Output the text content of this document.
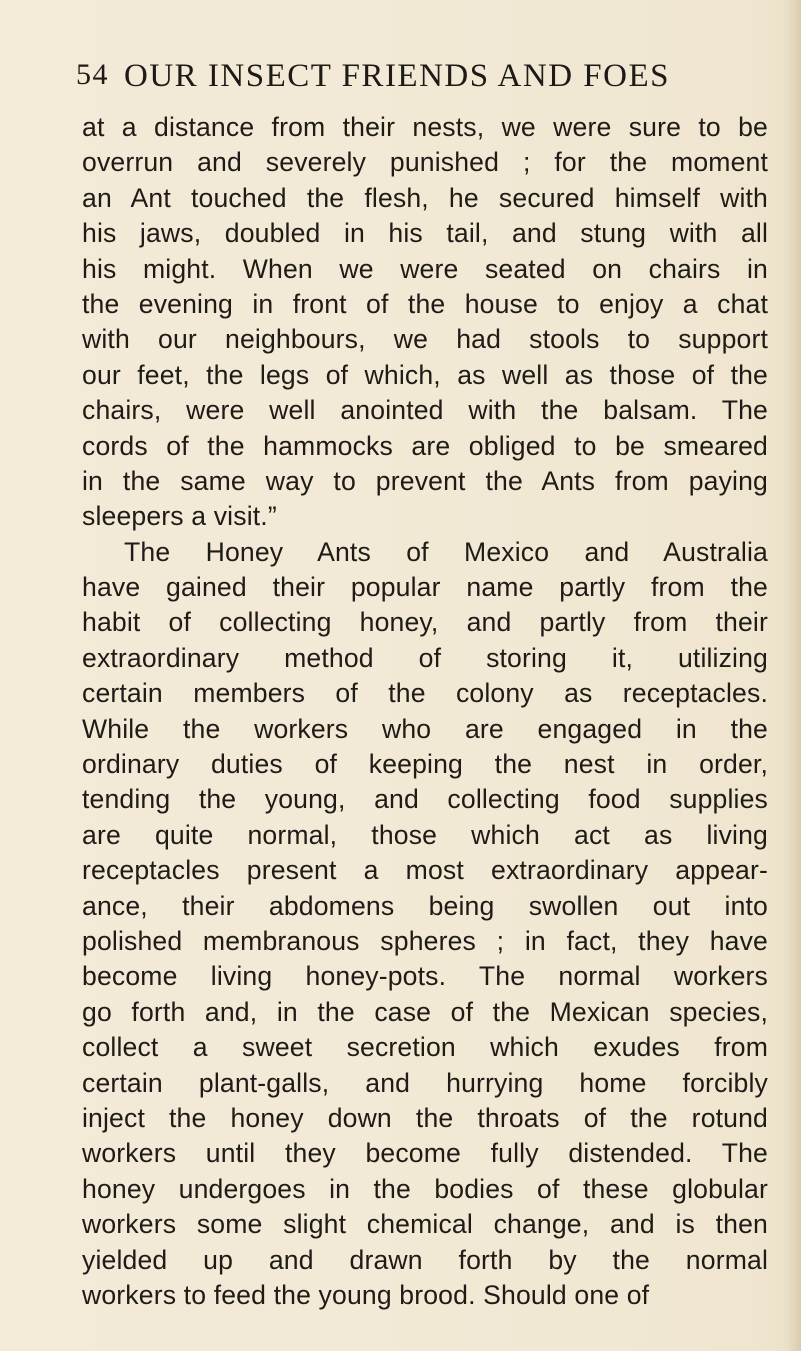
54 OUR INSECT FRIENDS AND FOES
at a distance from their nests, we were sure to be
overrun and severely punished ; for the moment
an Ant touched the flesh, he secured himself with
his jaws, doubled in his tail, and stung with all
his might. When we were seated on chairs in
the evening in front of the house to enjoy a chat
with our neighbours, we had stools to support
our feet, the legs of which, as well as those of the
chairs, were well anointed with the balsam. The
cords of the hammocks are obliged to be smeared
in the same way to prevent the Ants from paying
sleepers a visit.”
The Honey Ants of Mexico and Australia
have gained their popular name partly from the
habit of collecting honey, and partly from their
extraordinary method of storing it, utilizing
certain members of the colony as receptacles.
While the workers who are engaged in the
ordinary duties of keeping the nest in order,
tending the young, and collecting food supplies
are quite normal, those which act as living
receptacles present a most extraordinary appear-
ance, their abdomens being swollen out into
polished membranous spheres ; in fact, they have
become living honey-pots. The normal workers
go forth and, in the case of the Mexican species,
collect a sweet secretion which exudes from
certain plant-galls, and hurrying home forcibly
inject the honey down the throats of the rotund
workers until they become fully distended. The
honey undergoes in the bodies of these globular
workers some slight chemical change, and is then
yielded up and drawn forth by the normal
workers to feed the young brood. Should one of
